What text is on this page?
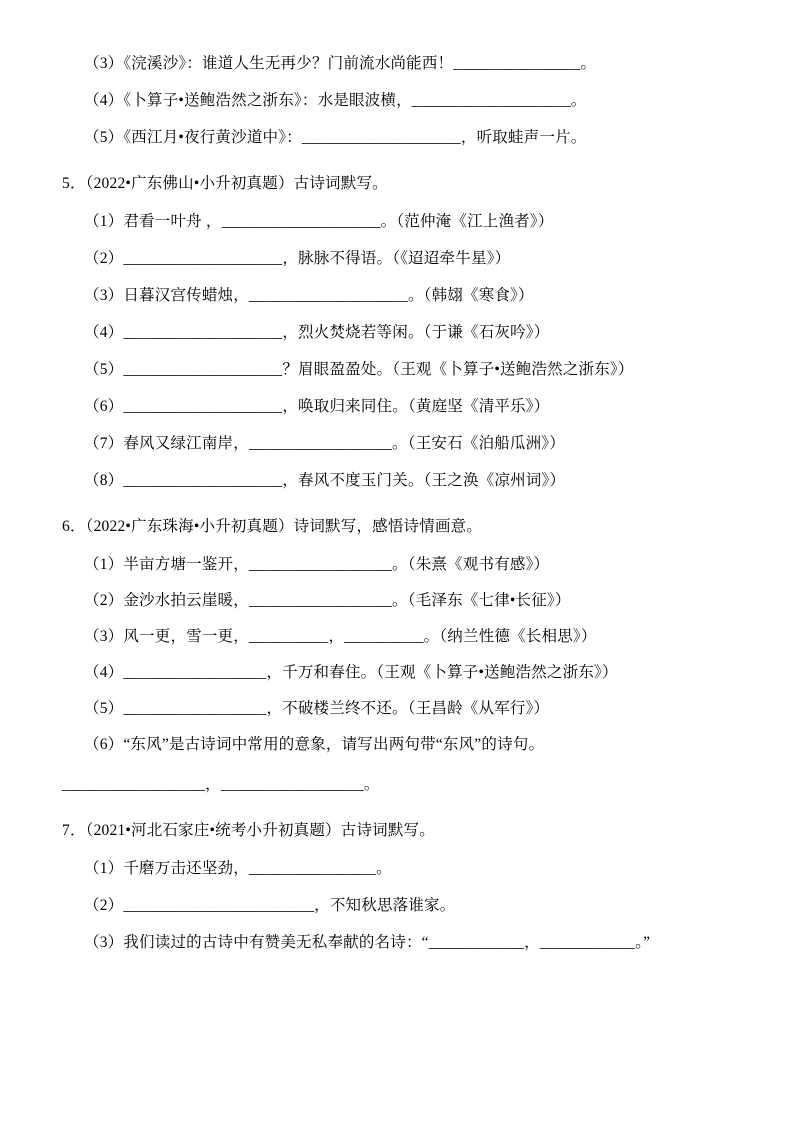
（3）《浣溪沙》：谁道人生无再少？门前流水尚能西！________________。

（4）《卜算子•送鲍浩然之浙东》：水是眼波横，____________________。

（5）《西江月•夜行黄沙道中》：____________________，听取蛙声一片。

5．（2022•广东佛山•小升初真题）古诗词默写。

（1）君看一叶舟 ，____________________。（范仲淹《江上渔者》）

（2）____________________，脉脉不得语。（《迢迢牵牛星》）

（3）日暮汉宫传蜡烛，____________________。（韩翃《寒食》）

（4）____________________，烈火焚烧若等闲。（于谦《石灰吟》）

（5）____________________？眉眼盈盈处。（王观《卜算子•送鲍浩然之浙东》）

（6）____________________，唤取归来同住。（黄庭坚《清平乐》）

（7）春风又绿江南岸，__________________。（王安石《泊船瓜洲》）

（8）____________________，春风不度玉门关。（王之涣《凉州词》）

6．（2022•广东珠海•小升初真题）诗词默写，感悟诗情画意。

（1）半亩方塘一鉴开，__________________。（朱熹《观书有感》）

（2）金沙水拍云崖暖，__________________。（毛泽东《七律•长征》）

（3）风一更，雪一更，__________，__________。（纳兰性德《长相思》）

（4）__________________，千万和春住。（王观《卜算子•送鲍浩然之浙东》）

（5）__________________，不破楼兰终不还。（王昌龄《从军行》）

（6）“东风”是古诗词中常用的意象，请写出两句带“东风”的诗句。

__________________，__________________。

7．（2021•河北石家庄•统考小升初真题）古诗词默写。

（1）千磨万击还坚劲，________________。

（2）________________________，不知秋思落谁家。

（3）我们读过的古诗中有赞美无私奉献的名诗：“____________，____________。”
